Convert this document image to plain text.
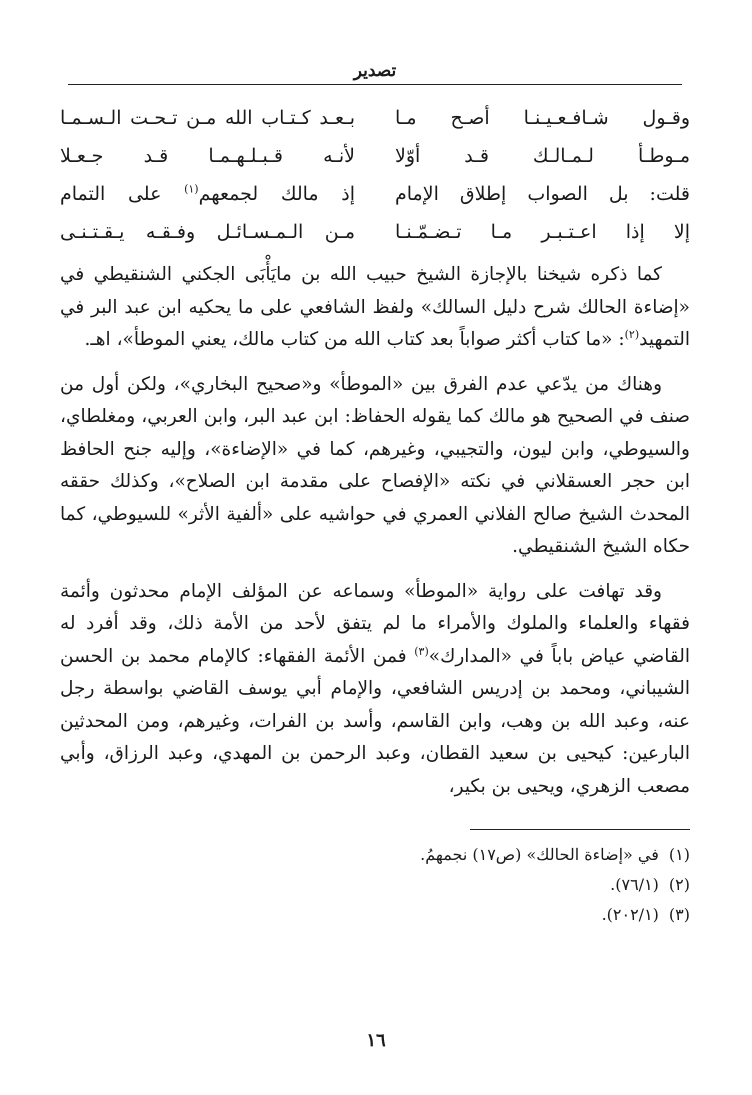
تصدير
وقـول شـافـعـيـنـا أصـح مـا
بـعـد كـتـاب الله مـن تـحـت الـسـمـا
مـوطـأ لـمـالـك قـد أوّلا
لأنـه قـبـلـهـمـا قـد جـعـلا
قلت: بل الصواب إطلاق الإمام
إذ مالك لجمعهم$^{(١)}$ على التمام
إلا إذا اعـتـبـر مـا تـضـمّـنـا
مـن الـمـسـائـل وفـقـه يـقـتـنـى

كما ذكره شيخنا بالإجازة الشيخ حبيب الله بن مايَأْبَى الجكني الشنقيطي في «إضاءة الحالك شرح دليل السالك» ولفظ الشافعي على ما يحكيه ابن عبد البر في التمهيد$^{(٢)}$: «ما كتاب أكثر صواباً بعد كتاب الله من كتاب مالك، يعني الموطأ»، اهـ.

وهناك من يدّعي عدم الفرق بين «الموطأ» و«صحيح البخاري»، ولكن أول من صنف في الصحيح هو مالك كما يقوله الحفاظ: ابن عبد البر، وابن العربي، ومغلطاي، والسيوطي، وابن ليون، والتجيبي، وغيرهم، كما في «الإضاءة»، وإليه جنح الحافظ ابن حجر العسقلاني في نكته «الإفصاح على مقدمة ابن الصلاح»، وكذلك حققه المحدث الشيخ صالح الفلاني العمري في حواشيه على «ألفية الأثر» للسيوطي، كما حكاه الشيخ الشنقيطي.

وقد تهافت على رواية «الموطأ» وسماعه عن المؤلف الإمام محدثون وأئمة فقهاء والعلماء والملوك والأمراء ما لم يتفق لأحد من الأمة ذلك، وقد أفرد له القاضي عياض باباً في «المدارك»$^{(٣)}$ فمن الأئمة الفقهاء: كالإمام محمد بن الحسن الشيباني، ومحمد بن إدريس الشافعي، والإمام أبي يوسف القاضي بواسطة رجل عنه، وعبد الله بن وهب، وابن القاسم، وأسد بن الفرات، وغيرهم، ومن المحدثين البارعين: كيحيى بن سعيد القطان، وعبد الرحمن بن المهدي، وعبد الرزاق، وأبي مصعب الزهري، ويحيى بن بكير،

(١)في «إضاءة الحالك» (ص١٧) نجمهمُ.
(٢)(٧٦/١).
(٣)(٢٠٢/١).
١٦
